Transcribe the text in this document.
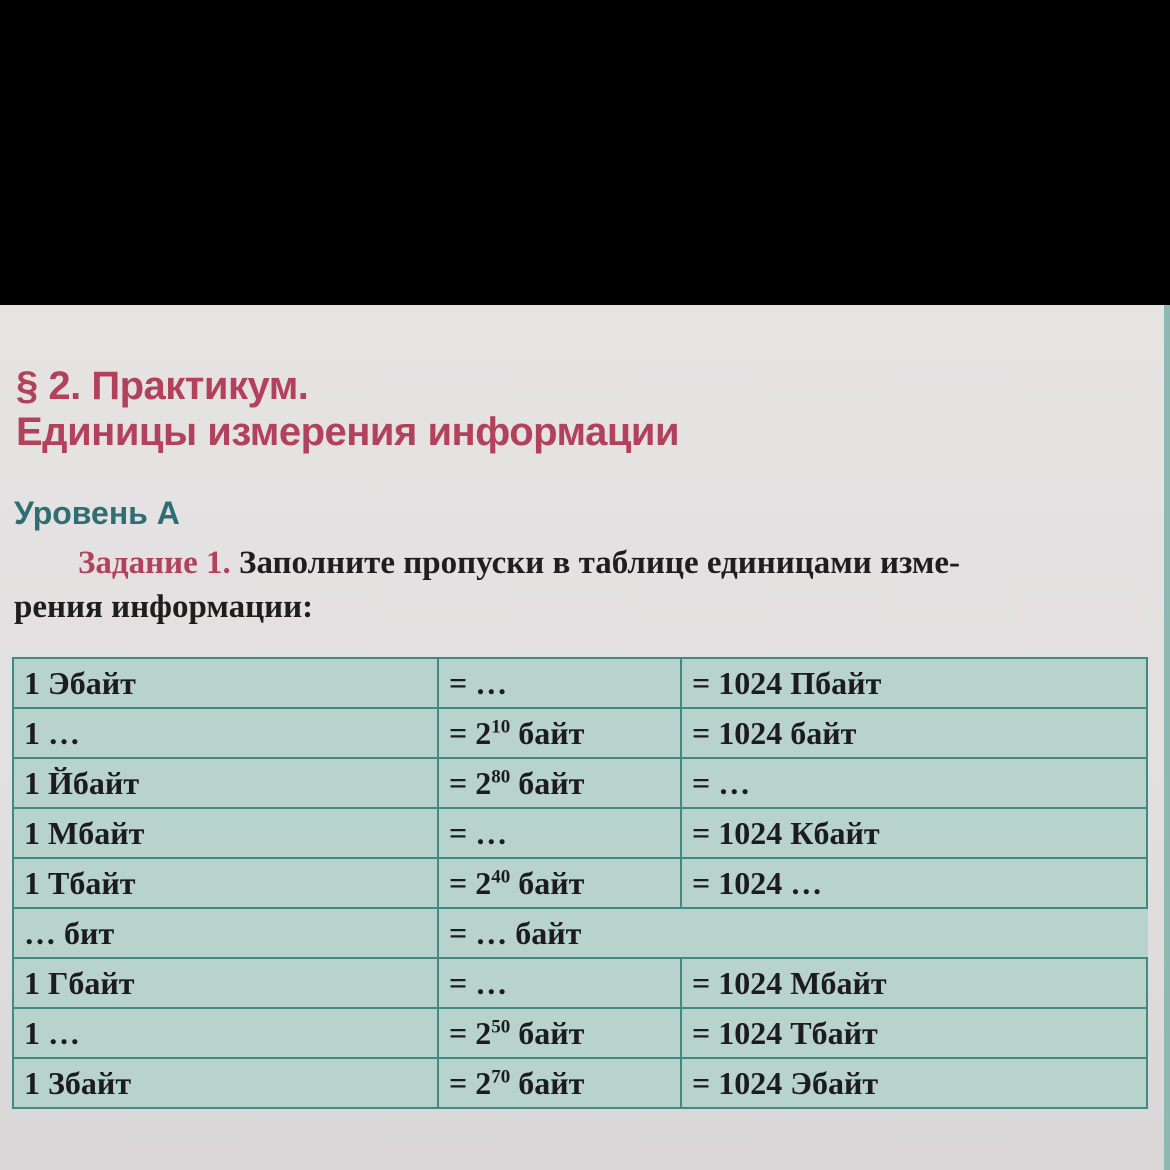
§ 2. Практикум.
Единицы измерения информации
Уровень А
Задание 1. Заполните пропуски в таблице единицами изме-
рения информации:
1 Эбайт	= …	= 1024 Пбайт
1 …	= $2^{10}$ байт	= 1024 байт
1 Йбайт	= $2^{80}$ байт	= …
1 Мбайт	= …	= 1024 Кбайт
1 Тбайт	= $2^{40}$ байт	= 1024 …
… бит	= … байт	
1 Гбайт	= …	= 1024 Мбайт
1 …	= $2^{50}$ байт	= 1024 Тбайт
1 Збайт	= $2^{70}$ байт	= 1024 Эбайт
